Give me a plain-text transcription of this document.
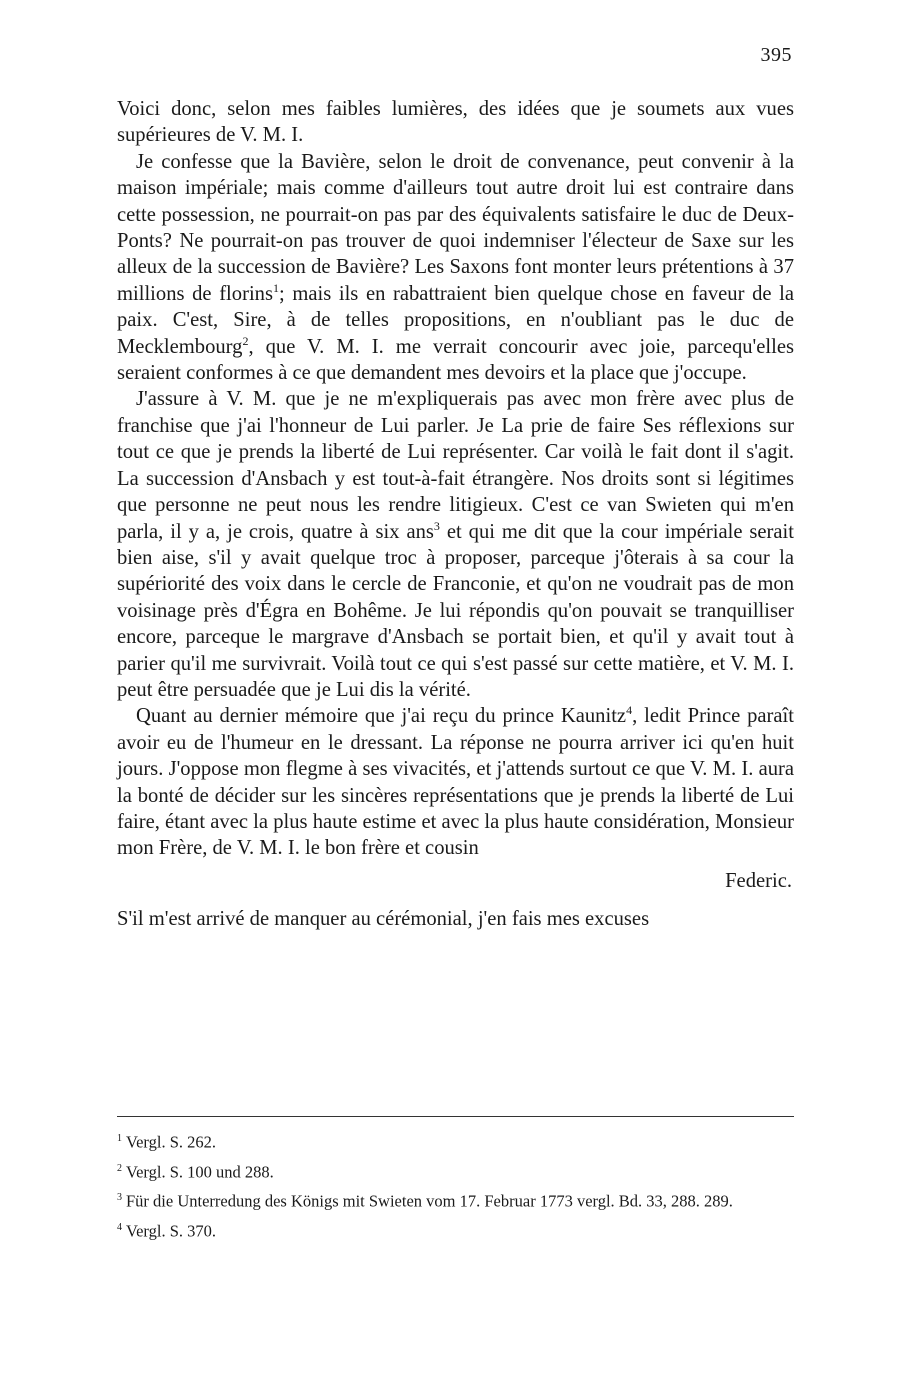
395

Voici donc, selon mes faibles lumières, des idées que je soumets aux vues supérieures de V. M. I.

Je confesse que la Bavière, selon le droit de convenance, peut convenir à la maison impériale; mais comme d'ailleurs tout autre droit lui est contraire dans cette possession, ne pourrait-on pas par des équivalents satisfaire le duc de Deux-Ponts? Ne pourrait-on pas trouver de quoi indemniser l'électeur de Saxe sur les alleux de la succession de Bavière? Les Saxons font monter leurs prétentions à 37 millions de florins$^1$; mais ils en rabattraient bien quelque chose en faveur de la paix. C'est, Sire, à de telles propositions, en n'oubliant pas le duc de Mecklembourg$^2$, que V. M. I. me verrait concourir avec joie, parcequ'elles seraient conformes à ce que demandent mes devoirs et la place que j'occupe.

J'assure à V. M. que je ne m'expliquerais pas avec mon frère avec plus de franchise que j'ai l'honneur de Lui parler. Je La prie de faire Ses réflexions sur tout ce que je prends la liberté de Lui représenter. Car voilà le fait dont il s'agit. La succession d'Ansbach y est tout-à-fait étrangère. Nos droits sont si légitimes que personne ne peut nous les rendre litigieux. C'est ce van Swieten qui m'en parla, il y a, je crois, quatre à six ans$^3$ et qui me dit que la cour impériale serait bien aise, s'il y avait quelque troc à proposer, parceque j'ôterais à sa cour la supériorité des voix dans le cercle de Franconie, et qu'on ne voudrait pas de mon voisinage près d'Égra en Bohême. Je lui répondis qu'on pouvait se tranquilliser encore, parceque le margrave d'Ansbach se portait bien, et qu'il y avait tout à parier qu'il me survivrait. Voilà tout ce qui s'est passé sur cette matière, et V. M. I. peut être persuadée que je Lui dis la vérité.

Quant au dernier mémoire que j'ai reçu du prince Kaunitz$^4$, ledit Prince paraît avoir eu de l'humeur en le dressant. La réponse ne pourra arriver ici qu'en huit jours. J'oppose mon flegme à ses vivacités, et j'attends surtout ce que V. M. I. aura la bonté de décider sur les sincères représentations que je prends la liberté de Lui faire, étant avec la plus haute estime et avec la plus haute considération, Monsieur mon Frère, de V. M. I. le bon frère et cousin

Federic.

S'il m'est arrivé de manquer au cérémonial, j'en fais mes excuses

$^1$ Vergl. S. 262.
$^2$ Vergl. S. 100 und 288.
$^3$ Für die Unterredung des Königs mit Swieten vom 17. Februar 1773 vergl. Bd. 33, 288. 289.
$^4$ Vergl. S. 370.
